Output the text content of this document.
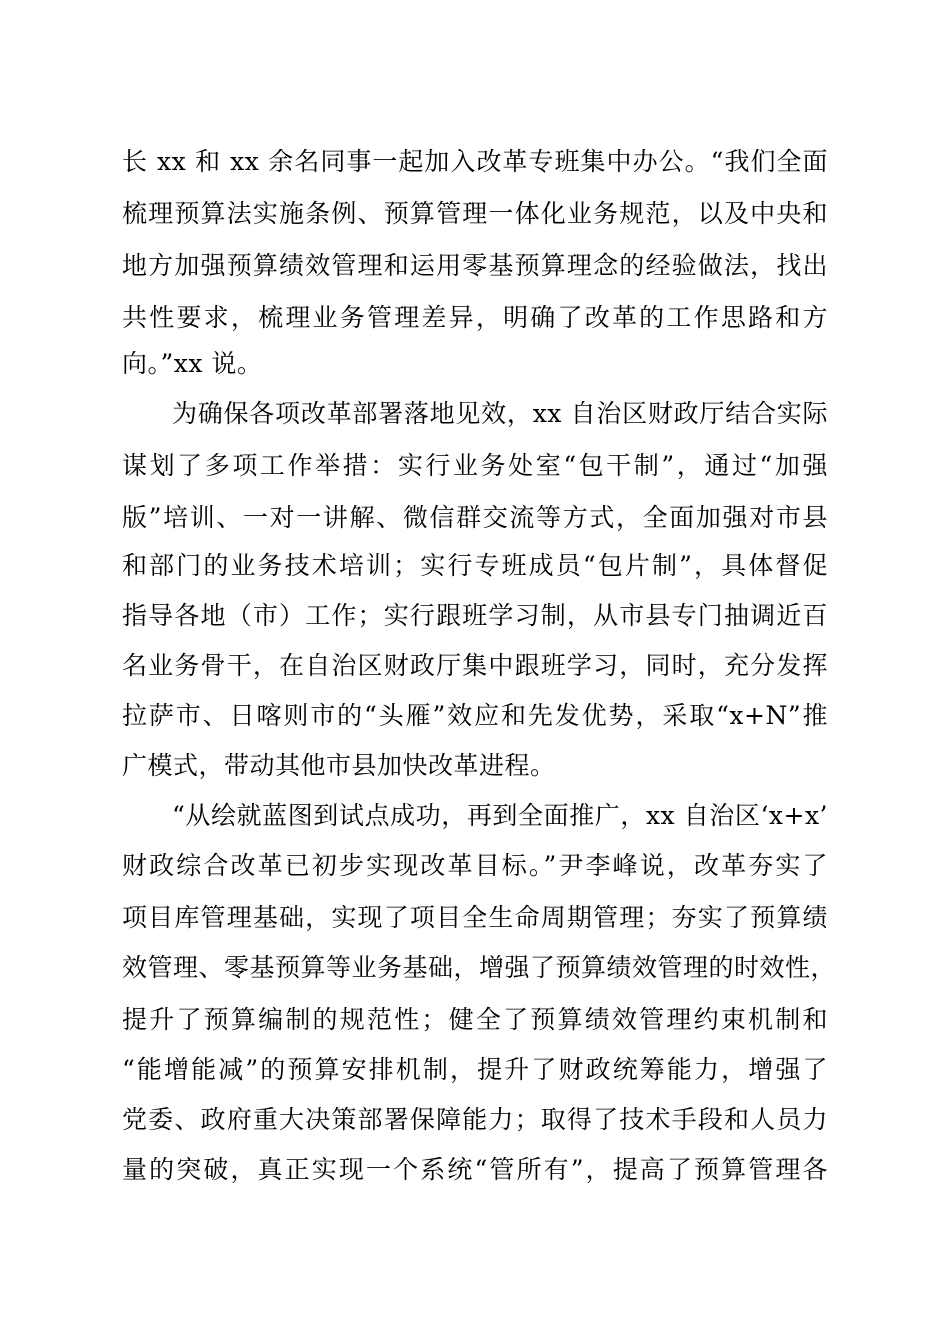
长 xx 和 xx 余名同事一起加入改革专班集中办公。“我们全面
梳理预算法实施条例、预算管理一体化业务规范，以及中央和
地方加强预算绩效管理和运用零基预算理念的经验做法，找出
共性要求，梳理业务管理差异，明确了改革的工作思路和方
向。”xx 说。
为确保各项改革部署落地见效，xx 自治区财政厅结合实际
谋划了多项工作举措：实行业务处室“包干制”，通过“加强
版”培训、一对一讲解、微信群交流等方式，全面加强对市县
和部门的业务技术培训；实行专班成员“包片制”，具体督促
指导各地（市）工作；实行跟班学习制，从市县专门抽调近百
名业务骨干，在自治区财政厅集中跟班学习，同时，充分发挥
拉萨市、日喀则市的“头雁”效应和先发优势，采取“x+N”推
广模式，带动其他市县加快改革进程。
“从绘就蓝图到试点成功，再到全面推广，xx 自治区‘x+x’
财政综合改革已初步实现改革目标。”尹李峰说，改革夯实了
项目库管理基础，实现了项目全生命周期管理；夯实了预算绩
效管理、零基预算等业务基础，增强了预算绩效管理的时效性，
提升了预算编制的规范性；健全了预算绩效管理约束机制和
“能增能减”的预算安排机制，提升了财政统筹能力，增强了
党委、政府重大决策部署保障能力；取得了技术手段和人员力
量的突破，真正实现一个系统“管所有”，提高了预算管理各
